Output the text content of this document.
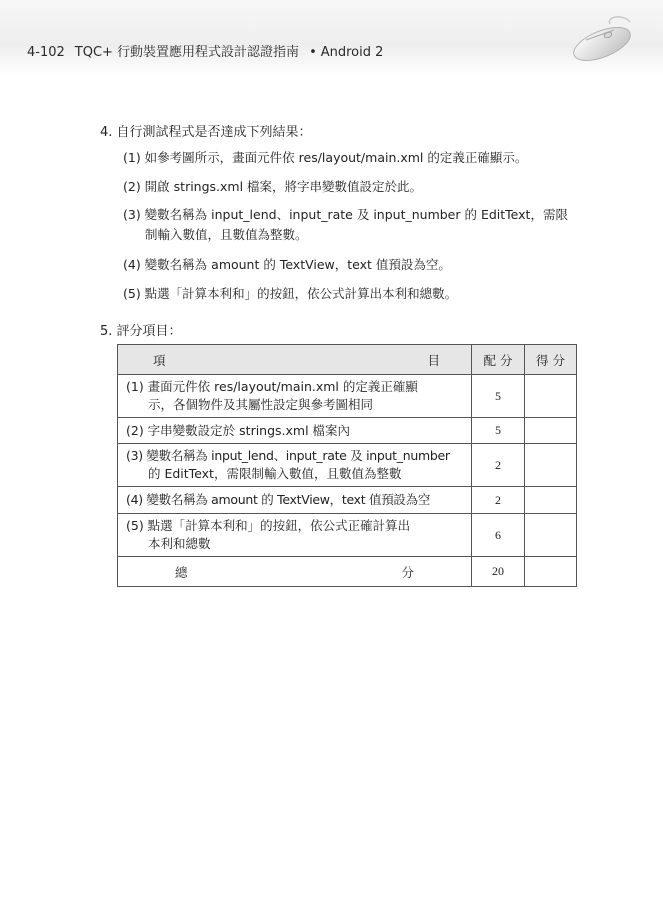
4-102 TQC+ 行動裝置應用程式設計認證指南 • Android 2
4. 自行測試程式是否達成下列結果：
(1) 如參考圖所示，畫面元件依 res/layout/main.xml 的定義正確顯示。
(2) 開啟 strings.xml 檔案，將字串變數值設定於此。
(3) 變數名稱為 input_lend、input_rate 及 input_number 的 EditText，需限
制輸入數值，且數值為整數。
(4) 變數名稱為 amount 的 TextView，text 值預設為空。
(5) 點選「計算本利和」的按鈕，依公式計算出本利和總數。
5. 評分項目：
項 目	配 分	得 分

(1) 畫面元件依 res/layout/main.xml 的定義正確顯
示，各個物件及其屬性設定與參考圖相同	5	

(2) 字串變數設定於 strings.xml 檔案內	5	

(3) 變數名稱為 input_lend、input_rate 及 input_number
的 EditText，需限制輸入數值，且數值為整數	2	

(4) 變數名稱為 amount 的 TextView，text 值預設為空	2	

(5) 點選「計算本利和」的按鈕，依公式正確計算出
本利和總數	6	

總 分	20	
